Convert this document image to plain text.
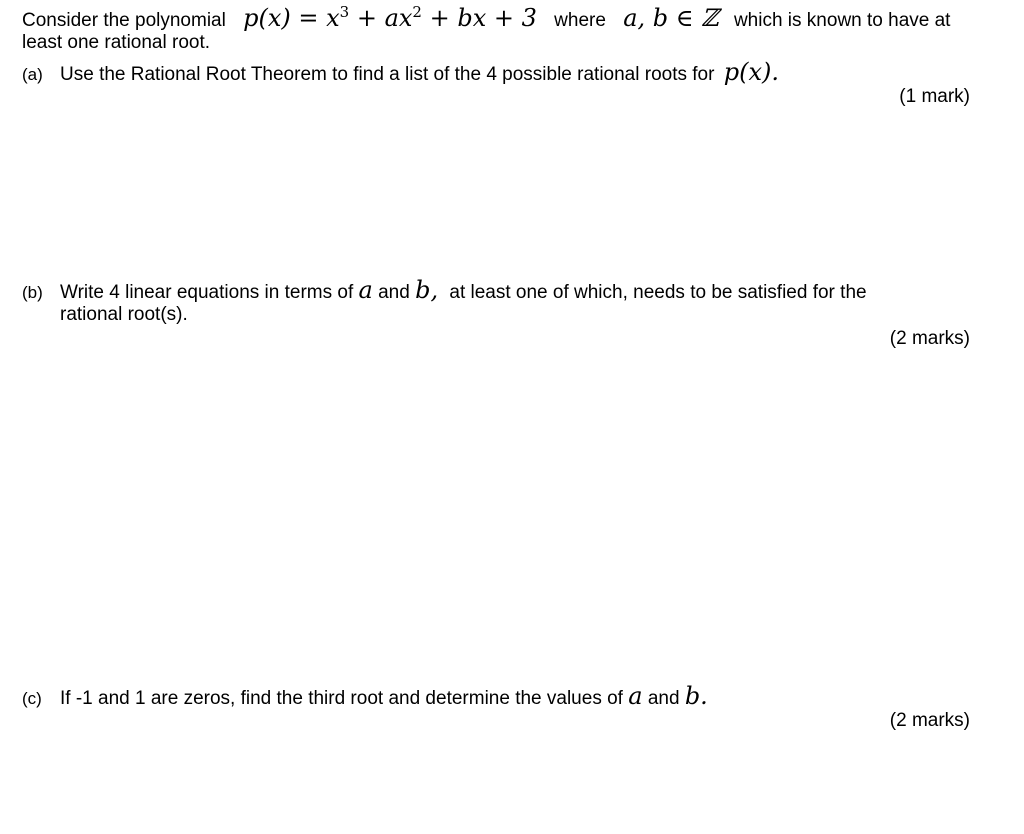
Consider the polynomial $p(x) = x^3 + ax^2$ + bx + 3 where a, b ∈ ℤ which is known to have at
least one rational root.
(a) Use the Rational Root Theorem to find a list of the 4 possible rational roots for p(x).
(1 mark)
(b) Write 4 linear equations in terms of a and b, at least one of which, needs to be satisfied for the
rational root(s).
(2 marks)
(c) If -1 and 1 are zeros, find the third root and determine the values of a and b.
(2 marks)
